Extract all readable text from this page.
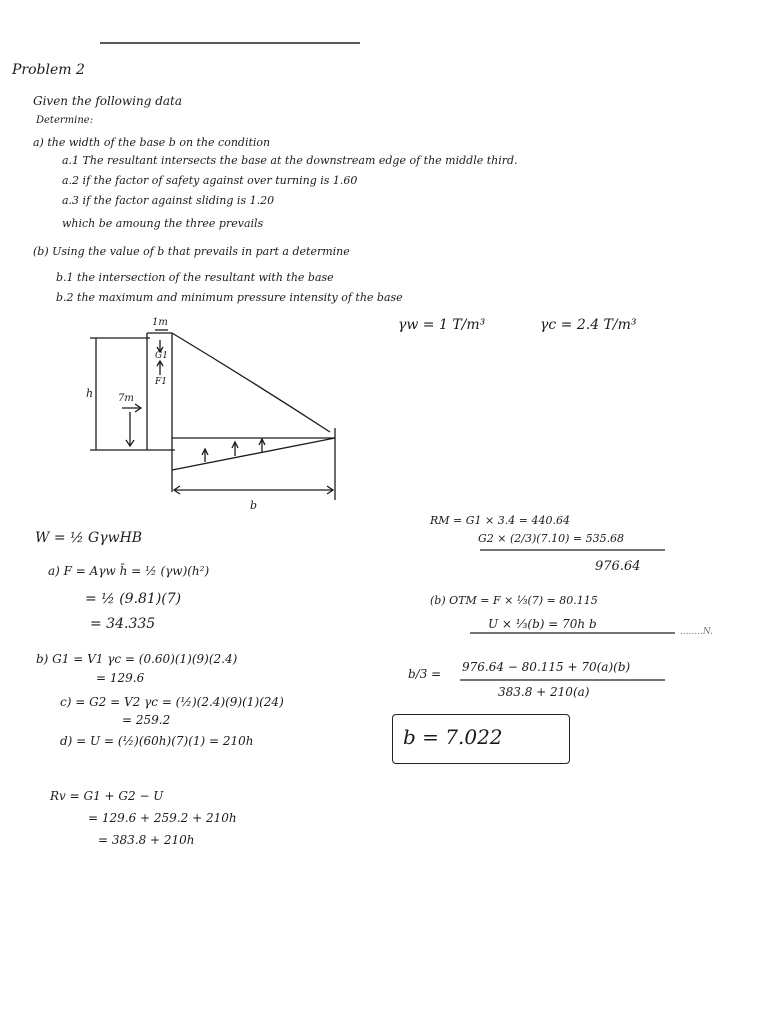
Problem 2
Given the following data
Determine:
a) the width of the base b on the condition
a.1 The resultant intersects the base at the downstream edge of the middle third.
a.2 if the factor of safety against over turning is 1.60
a.3 if the factor against sliding is 1.20
which be amoung the three prevails
(b) Using the value of b that prevails in part a determine
b.1 the intersection of the resultant with the base
b.2 the maximum and minimum pressure intensity of the base
γw = 1 T/m³	γc = 2.4 T/m³
1m
h 7m
G1
F1
b
W = ½ GγwHB
a) F = Aγw h̄ = ½ (γw)(h²)
= ½ (9.81)(7)
= 34.335
b) G1 = V1 γc = (0.60)(1)(9)(2.4)
= 129.6
c) = G2 = V2 γc = (½)(2.4)(9)(1)(24)
= 259.2
d) = U = (½)(60h)(7)(1) = 210h
Rv = G1 + G2 − U
= 129.6 + 259.2 + 210h
= 383.8 + 210h
RM = G1 × 3.4 = 440.64
G2 × (2/3)(7.10) = 535.68
976.64
(b) OTM = F × ⅓(7) = 80.115
U × ⅓(b) = 70h b
........N.
b/3 = 976.64 − 80.115 + 70(a)(b)
383.8 + 210(a)
b = 7.022
